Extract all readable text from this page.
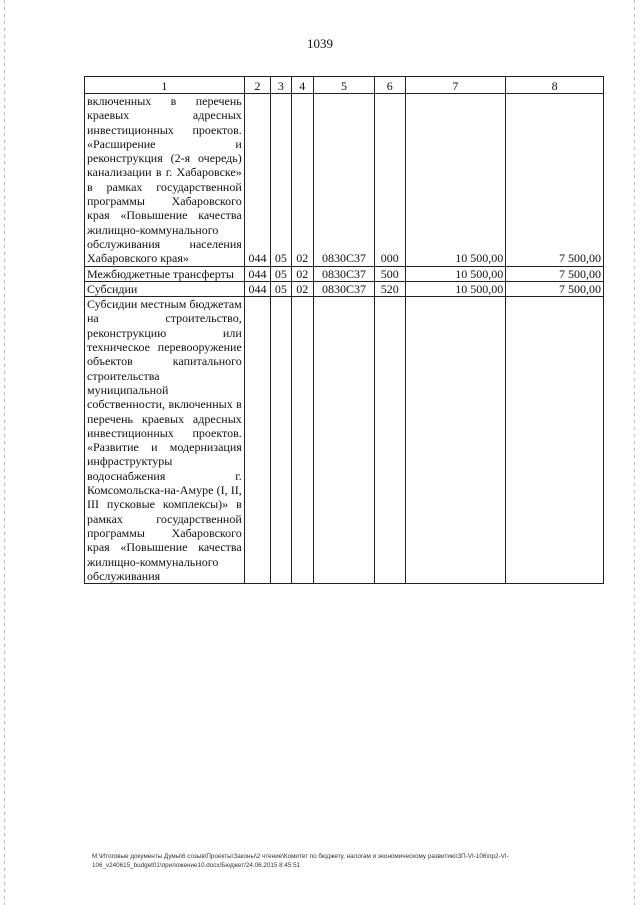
1039
1	2	3	4	5	6	7	8
включенных в перечень краевых адресных инвестиционных проектов. «Расширение и реконструкция (2-я очередь) канализации в г. Хабаровске» в рамках государственной программы Хабаровского края «Повышение качества жилищно-коммунального обслуживания населения Хабаровского края»	044	05	02	0830С37	000	10 500,00	7 500,00
Межбюджетные трансферты	044	05	02	0830С37	500	10 500,00	7 500,00
Субсидии	044	05	02	0830С37	520	10 500,00	7 500,00
Субсидии местным бюджетам на строительство, реконструкцию или техническое перевооружение объектов капитального строительства муниципальной собственности, включенных в перечень краевых адресных инвестиционных проектов. «Развитие и модернизация инфраструктуры водоснабжения г. Комсомольска-на-Амуре (I, II, III пусковые комплексы)» в рамках государственной программы Хабаровского края «Повышение качества жилищно-коммунального обслуживания							
M:\Итоговые документы Думы\6 созыв\Проекты\Законы\2 чтение\Комитет по бюджету, налогам и экономическому развитию\ЗП-VI-106\пр2-VI-106_v240615_budget01\приложение10.docx/Бюджет/24.06.2015 8:45:51
